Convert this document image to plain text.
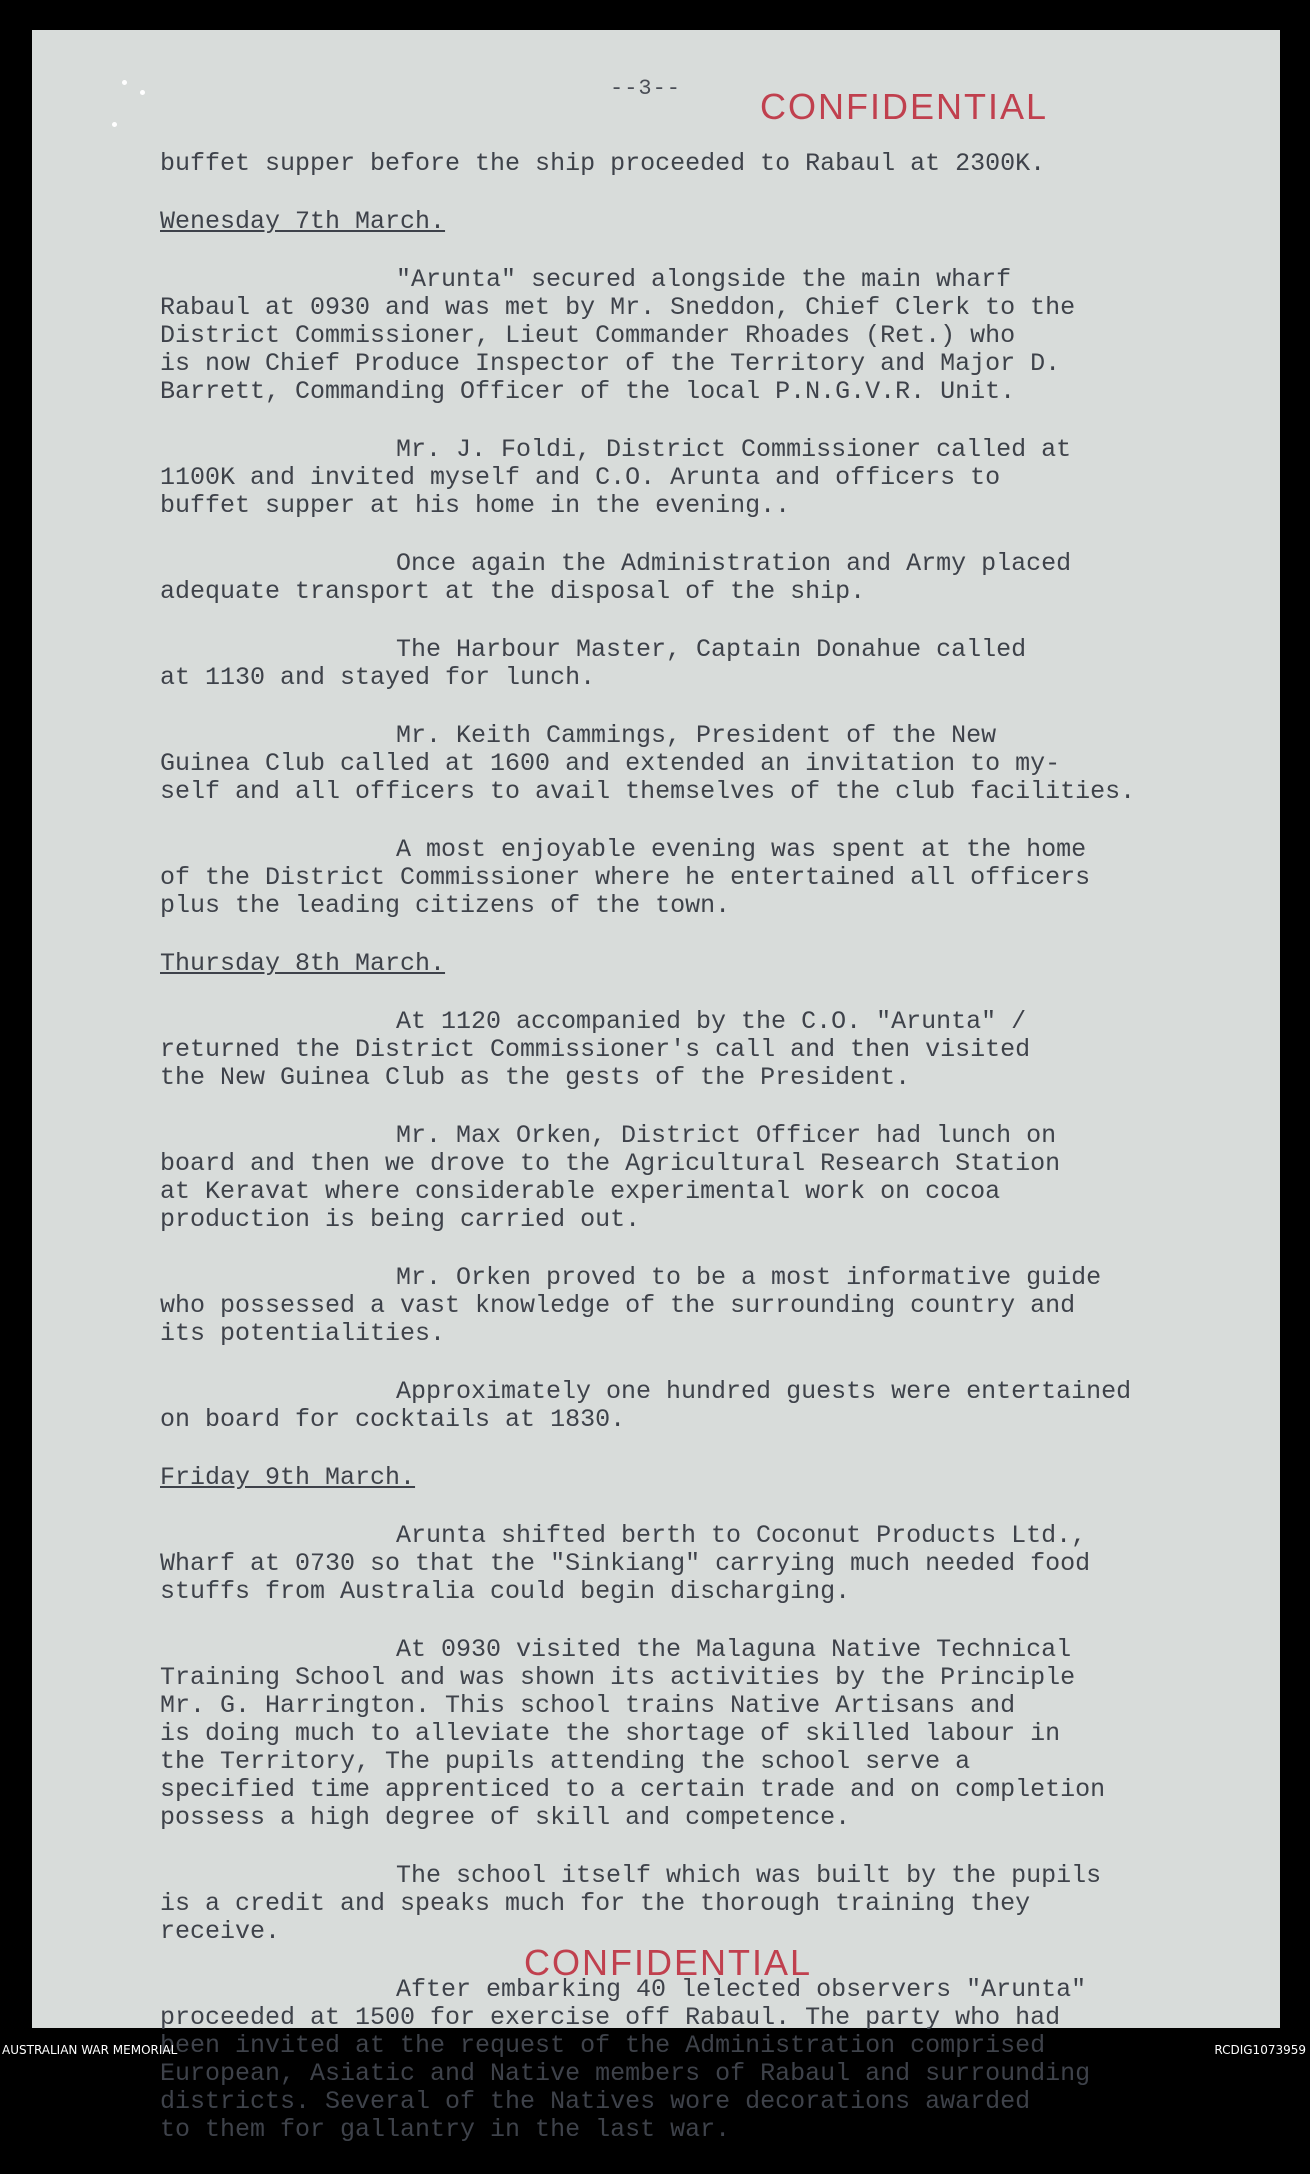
--3-- CONFIDENTIAL
buffet supper before the ship proceeded to Rabaul at 2300K.
Wenesday 7th March.
"Arunta" secured alongside the main wharf
Rabaul at 0930 and was met by Mr. Sneddon, Chief Clerk to the
District Commissioner, Lieut Commander Rhoades (Ret.) who
is now Chief Produce Inspector of the Territory and Major D.
Barrett, Commanding Officer of the local P.N.G.V.R. Unit.
Mr. J. Foldi, District Commissioner called at
1100K and invited myself and C.O. Arunta and officers to
buffet supper at his home in the evening..
Once again the Administration and Army placed
adequate transport at the disposal of the ship.
The Harbour Master, Captain Donahue called
at 1130 and stayed for lunch.
Mr. Keith Cammings, President of the New
Guinea Club called at 1600 and extended an invitation to my-
self and all officers to avail themselves of the club facilities.
A most enjoyable evening was spent at the home
of the District Commissioner where he entertained all officers
plus the leading citizens of the town.
Thursday 8th March.
At 1120 accompanied by the C.O. "Arunta" /
returned the District Commissioner's call and then visited
the New Guinea Club as the gests of the President.
Mr. Max Orken, District Officer had lunch on
board and then we drove to the Agricultural Research Station
at Keravat where considerable experimental work on cocoa
production is being carried out.
Mr. Orken proved to be a most informative guide
who possessed a vast knowledge of the surrounding country and
its potentialities.
Approximately one hundred guests were entertained
on board for cocktails at 1830.
Friday 9th March.
Arunta shifted berth to Coconut Products Ltd.,
Wharf at 0730 so that the "Sinkiang" carrying much needed food
stuffs from Australia could begin discharging.
At 0930 visited the Malaguna Native Technical
Training School and was shown its activities by the Principle
Mr. G. Harrington. This school trains Native Artisans and
is doing much to alleviate the shortage of skilled labour in
the Territory, The pupils attending the school serve a
specified time apprenticed to a certain trade and on completion
possess a high degree of skill and competence.
The school itself which was built by the pupils
is a credit and speaks much for the thorough training they
receive.
After embarking 40 lelected observers "Arunta"
proceeded at 1500 for exercise off Rabaul. The party who had
been invited at the request of the Administration comprised
European, Asiatic and Native members of Rabaul and surrounding
districts. Several of the Natives wore decorations awarded
to them for gallantry in the last war.
CONFIDENTIAL
AUSTRALIAN WAR MEMORIAL	RCDIG1073959
